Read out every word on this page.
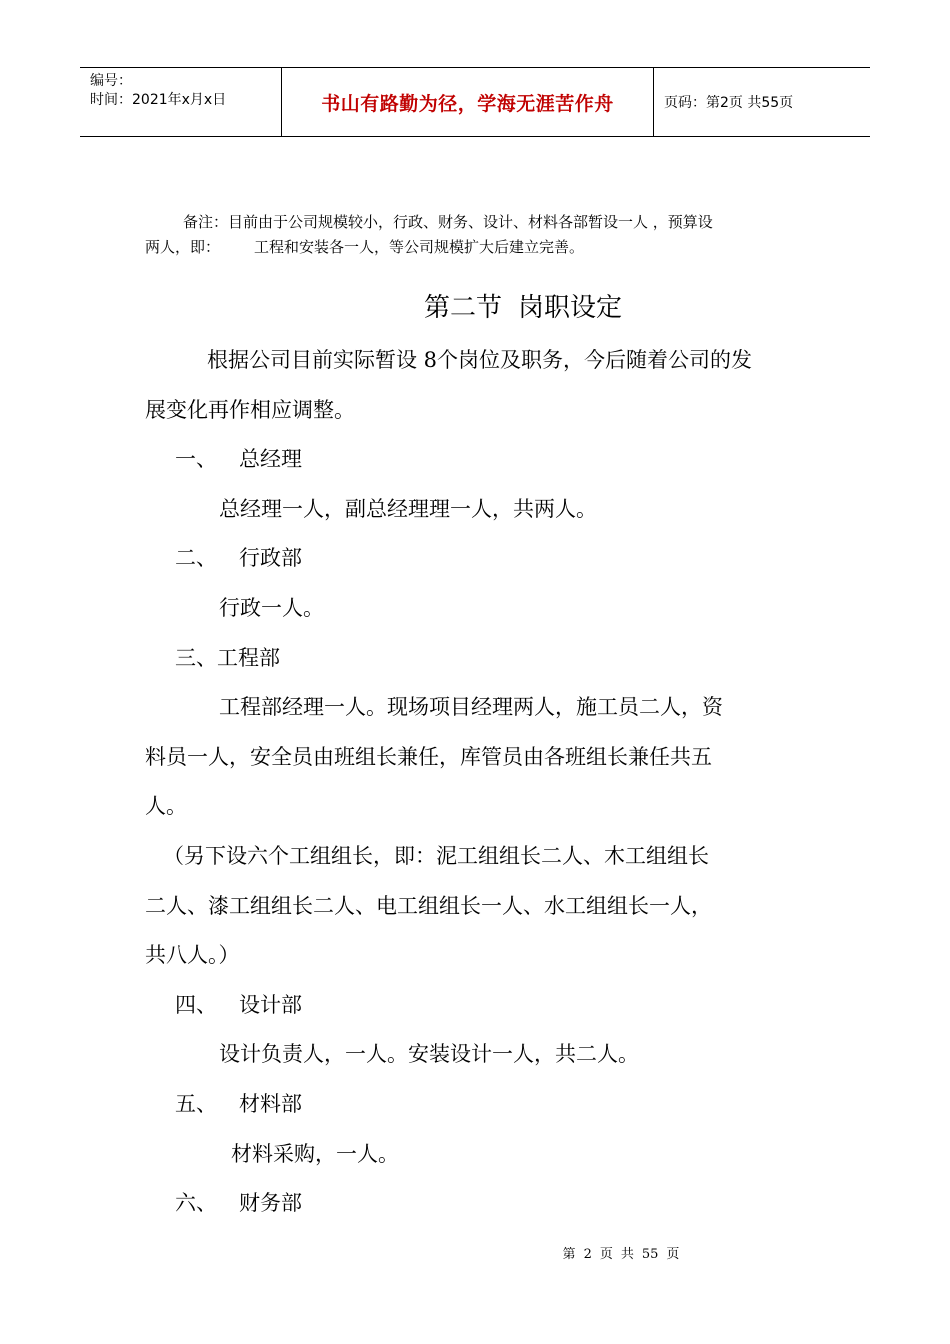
编号：
时间：2021年x月x日	书山有路勤为径，学海无涯苦作舟	页码：第2页 共55页
备注：目前由于公司规模较小，行政、财务、设计、材料各部暂设一人 ，预算设
两人，即： 工程和安装各一人，等公司规模扩大后建立完善。
第二节 岗职设定
根据公司目前实际暂设 8个岗位及职务，今后随着公司的发
展变化再作相应调整。
一、 总经理
总经理一人，副总经理理一人，共两人。
二、 行政部
行政一人。
三、工程部
工程部经理一人。现场项目经理两人，施工员二人，资
料员一人，安全员由班组长兼任，库管员由各班组长兼任共五
人。
（另下设六个工组组长，即：泥工组组长二人、木工组组长
二人、漆工组组长二人、电工组组长一人、水工组组长一人，
共八人。）
四、 设计部
设计负责人，一人。安装设计一人，共二人。
五、 材料部
材料采购，一人。
六、 财务部
第 2 页 共 55 页
